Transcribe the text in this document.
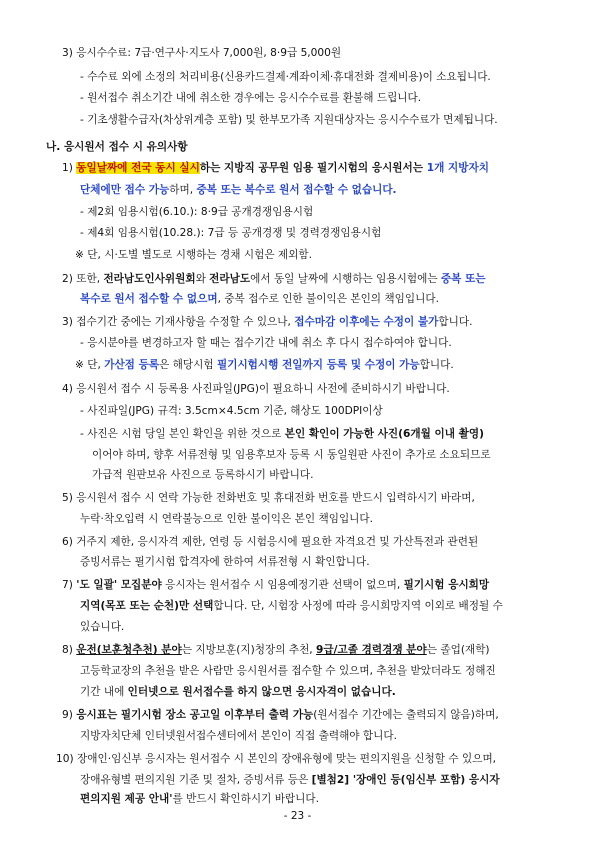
3) 응시수수료: 7급·연구사·지도사 7,000원, 8·9급 5,000원
- 수수료 외에 소정의 처리비용(신용카드결제·계좌이체·휴대전화 결제비용)이 소요됩니다.
- 원서접수 취소기간 내에 취소한 경우에는 응시수수료를 환불해 드립니다.
- 기초생활수급자(차상위계층 포함) 및 한부모가족 지원대상자는 응시수수료가 면제됩니다.
나. 응시원서 접수 시 유의사항
1) 동일날짜에 전국 동시 실시하는 지방직 공무원 임용 필기시험의 응시원서는 1개 지방자치
단체에만 접수 가능하며, 중복 또는 복수로 원서 접수할 수 없습니다.
- 제2회 임용시험(6.10.): 8·9급 공개경쟁임용시험
- 제4회 임용시험(10.28.): 7급 등 공개경쟁 및 경력경쟁임용시험
※ 단, 시·도별 별도로 시행하는 경채 시험은 제외함.
2) 또한, 전라남도인사위원회와 전라남도에서 동일 날짜에 시행하는 임용시험에는 중복 또는
복수로 원서 접수할 수 없으며, 중복 접수로 인한 불이익은 본인의 책임입니다.
3) 접수기간 중에는 기재사항을 수정할 수 있으나, 접수마감 이후에는 수정이 불가합니다.
- 응시분야를 변경하고자 할 때는 접수기간 내에 취소 후 다시 접수하여야 합니다.
※ 단, 가산점 등록은 해당시험 필기시험시행 전일까지 등록 및 수정이 가능합니다.
4) 응시원서 접수 시 등록용 사진파일(JPG)이 필요하니 사전에 준비하시기 바랍니다.
- 사진파일(JPG) 규격: 3.5cm×4.5cm 기준, 해상도 100DPI이상
- 사진은 시험 당일 본인 확인을 위한 것으로 본인 확인이 가능한 사진(6개월 이내 촬영)
이어야 하며, 향후 서류전형 및 임용후보자 등록 시 동일원판 사진이 추가로 소요되므로
가급적 원판보유 사진으로 등록하시기 바랍니다.
5) 응시원서 접수 시 연락 가능한 전화번호 및 휴대전화 번호를 반드시 입력하시기 바라며,
누락·착오입력 시 연락불능으로 인한 불이익은 본인 책임입니다.
6) 거주지 제한, 응시자격 제한, 연령 등 시험응시에 필요한 자격요건 및 가산특전과 관련된
증빙서류는 필기시험 합격자에 한하여 서류전형 시 확인합니다.
7) '도 일괄' 모집분야 응시자는 원서접수 시 임용예정기관 선택이 없으며, 필기시험 응시희망
지역(목포 또는 순천)만 선택합니다. 단, 시험장 사정에 따라 응시희망지역 이외로 배정될 수
있습니다.
8) 운전(보훈청추천) 분야는 지방보훈(지)청장의 추천, 9급/고졸 경력경쟁 분야는 졸업(재학)
고등학교장의 추천을 받은 사람만 응시원서를 접수할 수 있으며, 추천을 받았더라도 정해진
기간 내에 인터넷으로 원서접수를 하지 않으면 응시자격이 없습니다.
9) 응시표는 필기시험 장소 공고일 이후부터 출력 가능(원서접수 기간에는 출력되지 않음)하며,
지방자치단체 인터넷원서접수센터에서 본인이 직접 출력해야 합니다.
10) 장애인·임신부 응시자는 원서접수 시 본인의 장애유형에 맞는 편의지원을 신청할 수 있으며,
장애유형별 편의지원 기준 및 절차, 증빙서류 등은 [별첨2] '장애인 등(임신부 포함) 응시자
편의지원 제공 안내'를 반드시 확인하시기 바랍니다.
- 23 -
